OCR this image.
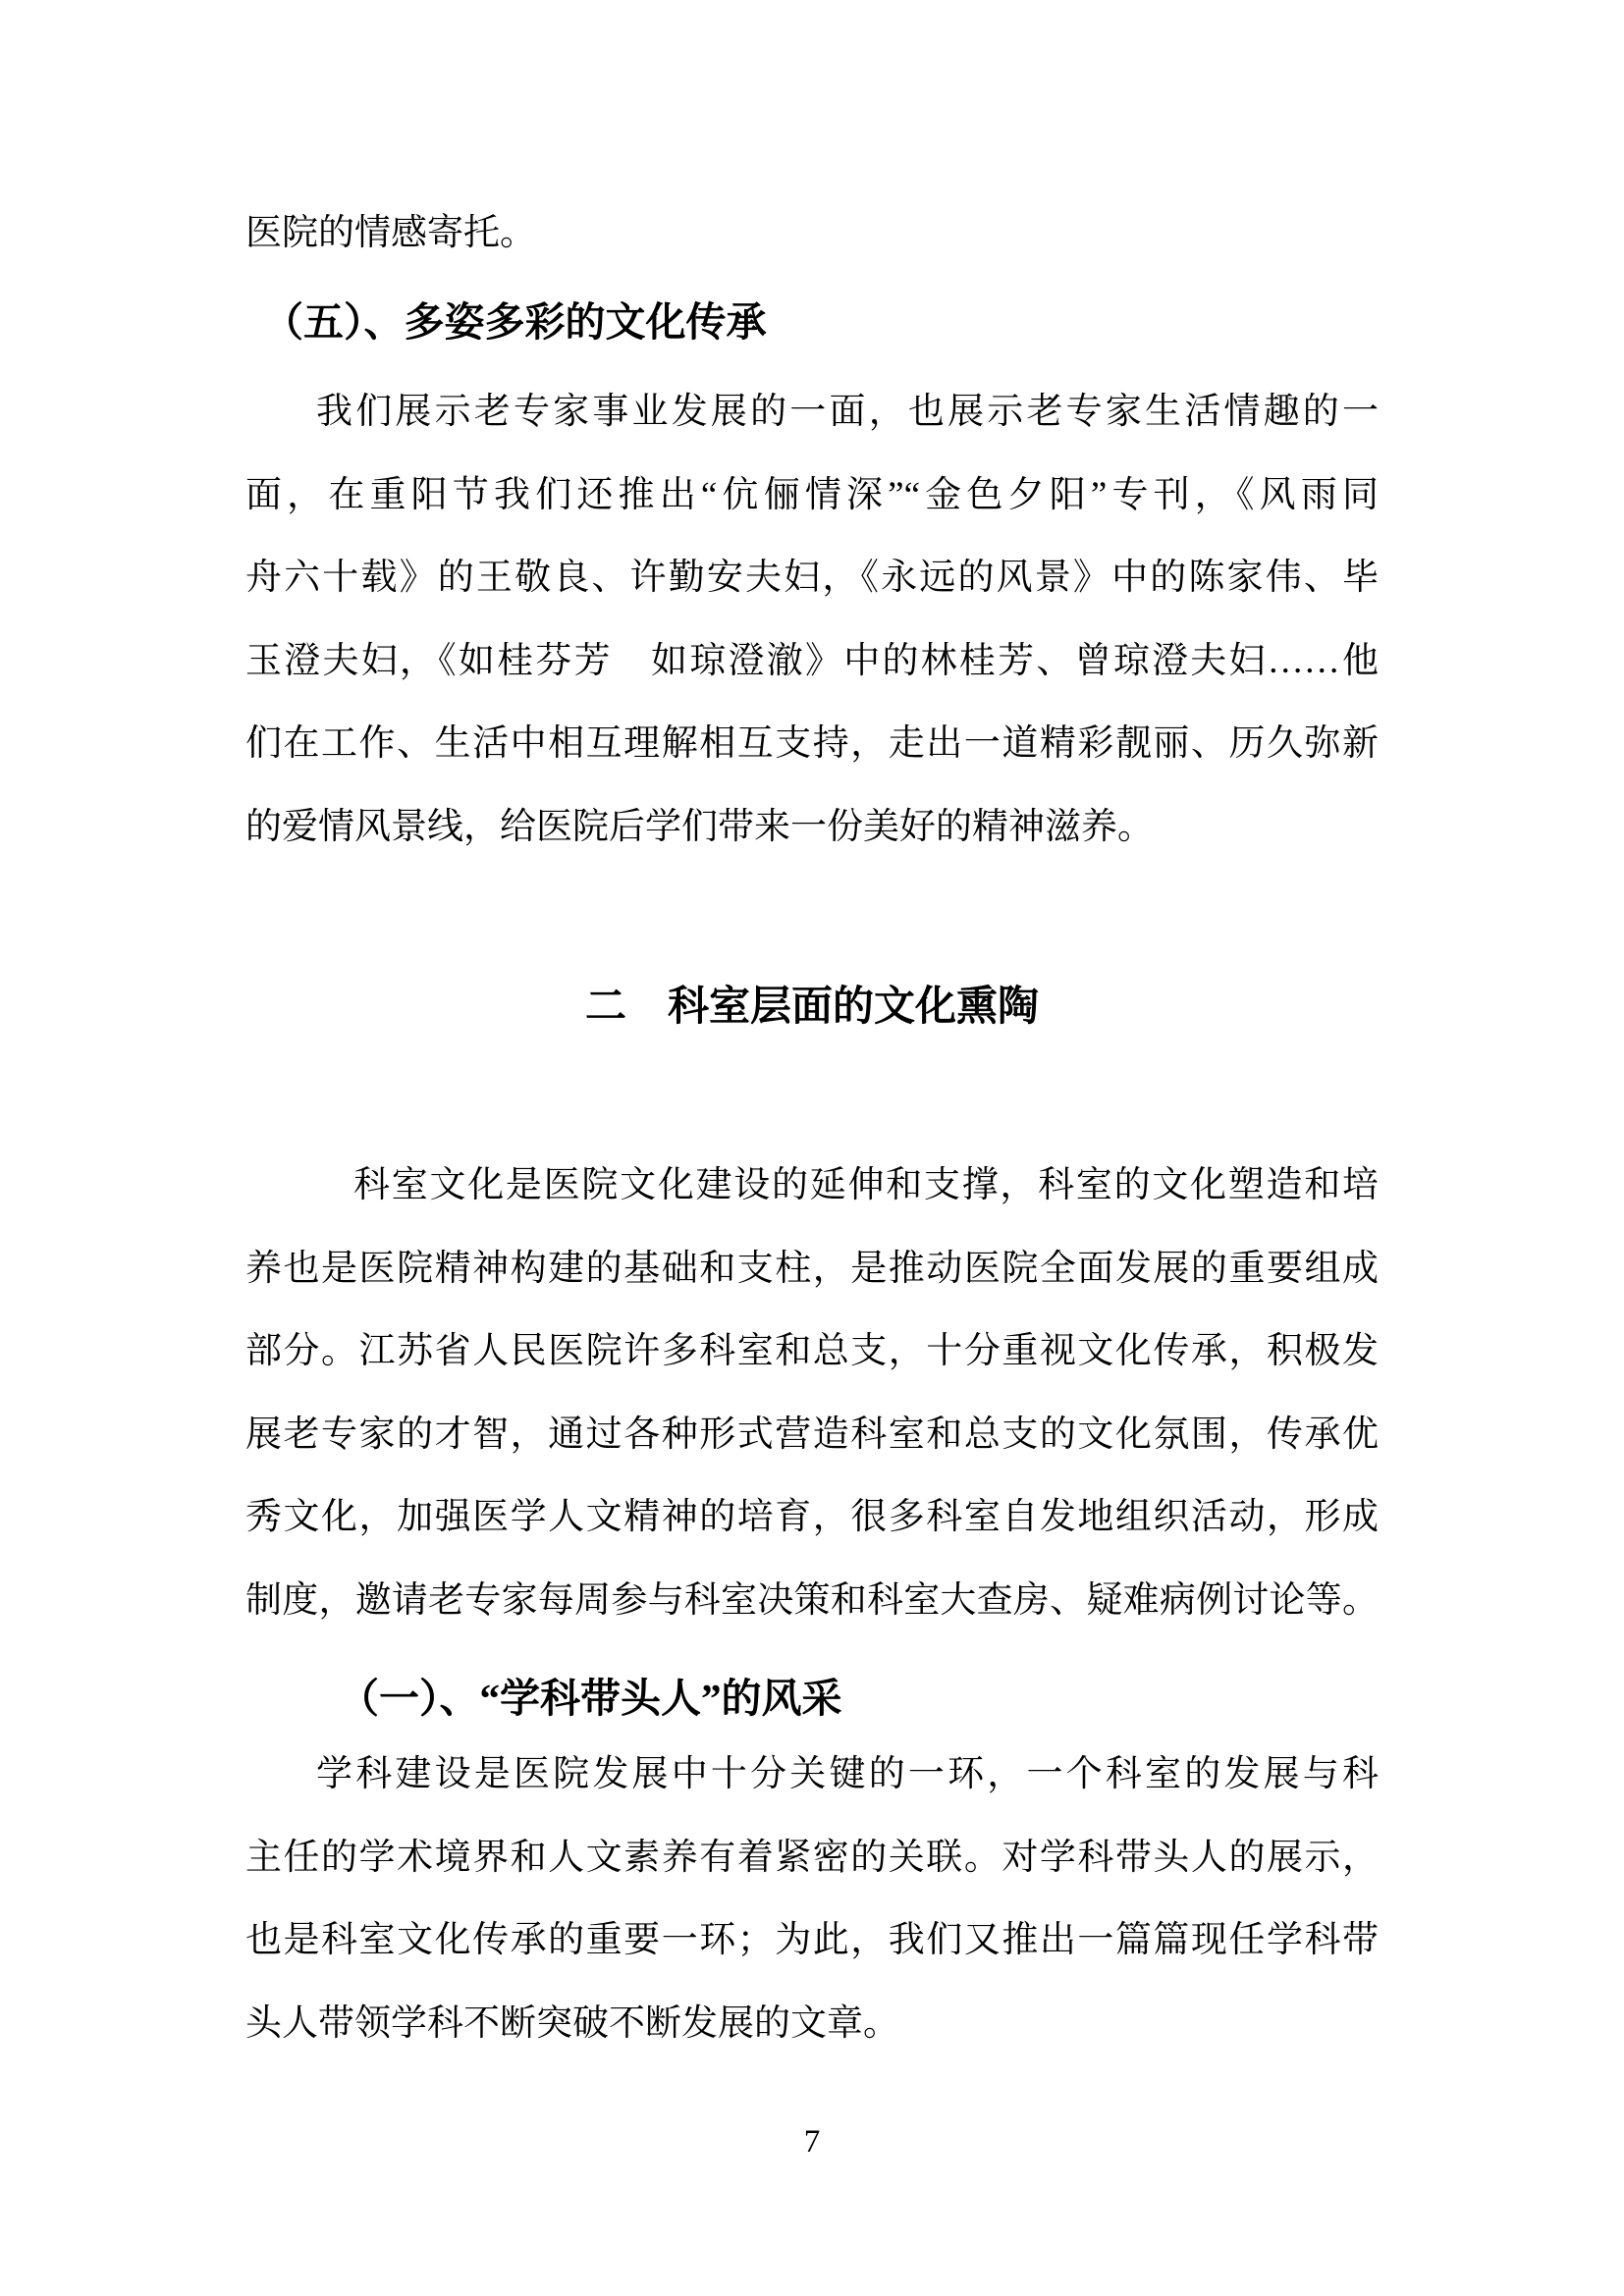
医院的情感寄托。
（五）、多姿多彩的文化传承
我们展示老专家事业发展的一面，也展示老专家生活情趣的一
面，在重阳节我们还推出“伉俪情深”“金色夕阳”专刊，《风雨同
舟六十载》的王敬良、许勤安夫妇，《永远的风景》中的陈家伟、毕
玉澄夫妇，《如桂芬芳　如琼澄澈》中的林桂芳、曾琼澄夫妇……他
们在工作、生活中相互理解相互支持，走出一道精彩靓丽、历久弥新
的爱情风景线，给医院后学们带来一份美好的精神滋养。
二　科室层面的文化熏陶
科室文化是医院文化建设的延伸和支撑，科室的文化塑造和培
养也是医院精神构建的基础和支柱，是推动医院全面发展的重要组成
部分。江苏省人民医院许多科室和总支，十分重视文化传承，积极发
展老专家的才智，通过各种形式营造科室和总支的文化氛围，传承优
秀文化，加强医学人文精神的培育，很多科室自发地组织活动，形成
制度，邀请老专家每周参与科室决策和科室大查房、疑难病例讨论等。
（一）、“学科带头人”的风采
学科建设是医院发展中十分关键的一环，一个科室的发展与科
主任的学术境界和人文素养有着紧密的关联。对学科带头人的展示，
也是科室文化传承的重要一环；为此，我们又推出一篇篇现任学科带
头人带领学科不断突破不断发展的文章。
7
